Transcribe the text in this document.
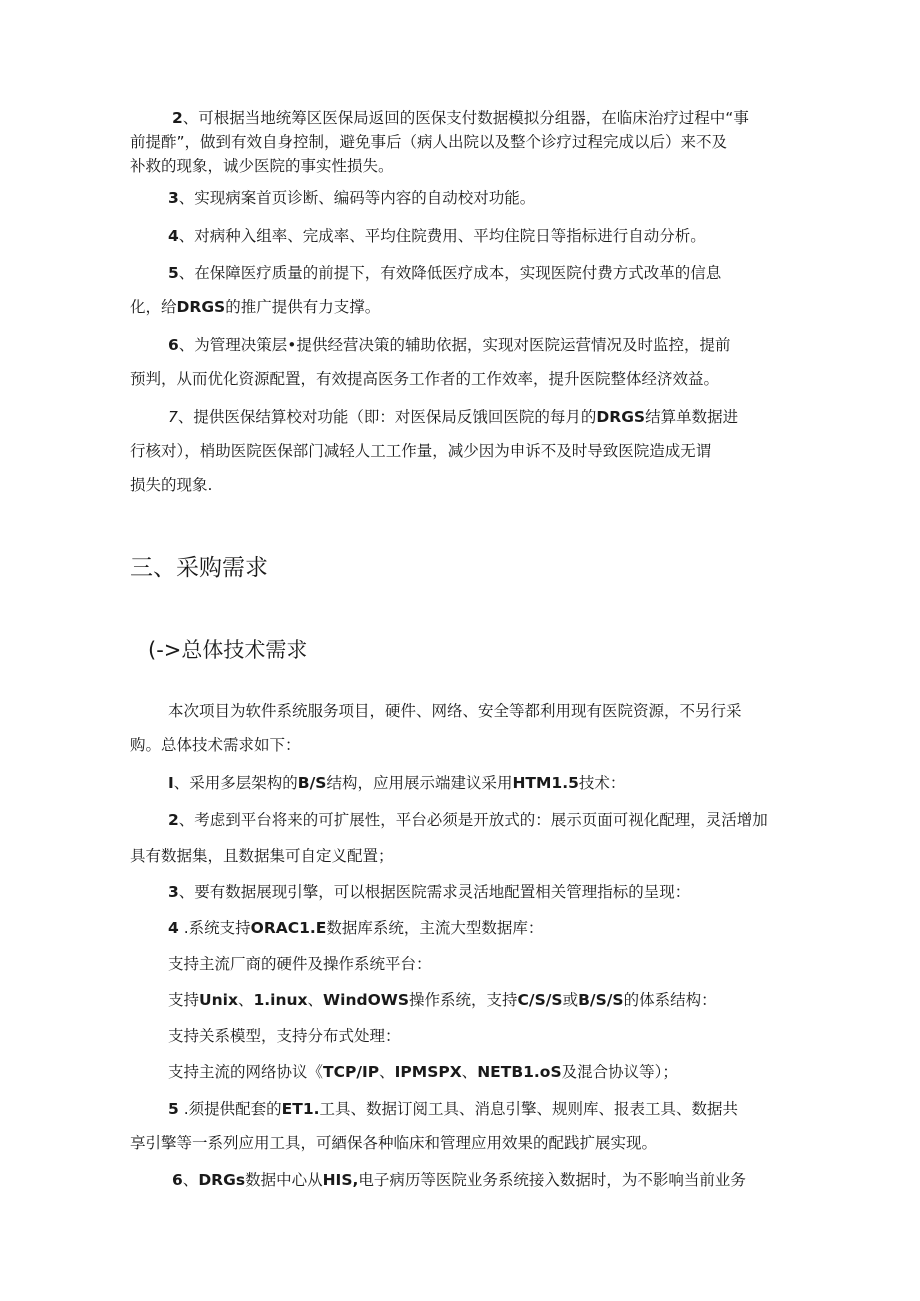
2、可根据当地统筹区医保局返回的医保支付数据模拟分组器，在临床治疗过程中“事
前提酢”，做到有效自身控制，避免事后（病人出院以及整个诊疗过程完成以后）来不及
补救的现象，诚少医院的事实性损失。

3、实现病案首页诊断、编码等内容的自动校对功能。

4、对病种入组率、完成率、平均住院费用、平均住院日等指标进行自动分析。

5、在保障医疗质量的前提下，有效降低医疗成本，实现医院付费方式改革的信息
化，给DRGS的推广提供有力支撑。

6、为管理决策层•提供经营决策的辅助依据，实现对医院运营情况及时监控，提前
预判，从而优化资源配置，有效提高医务工作者的工作效率，提升医院整体经济效益。

7、提供医保结算校对功能（即：对医保局反饿回医院的每月的DRGS结算单数据进
行核对），梢助医院医保部门减轻人工工作量，减少因为申诉不及时导致医院造成无谓
损失的现象.

三、采购需求
(->总体技术需求

本次项目为软件系统服务项目，硬件、网络、安全等都利用现有医院资源，不另行采
购。总体技术需求如下：

I、采用多层架构的B/S结构，应用展示端建议采用HTM1.5技术：

2、考虑到平台将来的可扩展性，平台必须是开放式的：展示页面可视化配理，灵活增加
具有数据集，且数据集可自定义配置；

3、要有数据展现引擎，可以根据医院需求灵活地配置相关管理指标的呈现：

4 .系统支持ORAC1.E数据库系统，主流大型数据库：

支持主流厂商的硬件及操作系统平台：

支持Unix、1.inux、WindOWS操作系统，支持C/S/S或B/S/S的体系结构：

支持关系模型，支持分布式处理：

支持主流的网络协议《TCP/IP、IPMSPX、NETB1.oS及混合协议等）；

5 .须提供配套的ET1.工具、数据订阅工具、消息引擎、规则库、报表工具、数据共
享引擎等一系列应用工具，可綇保各种临床和管理应用效果的配践扩展实现。

6、DRGs数据中心从HIS,电子病历等医院业务系统接入数据时，为不影响当前业务
